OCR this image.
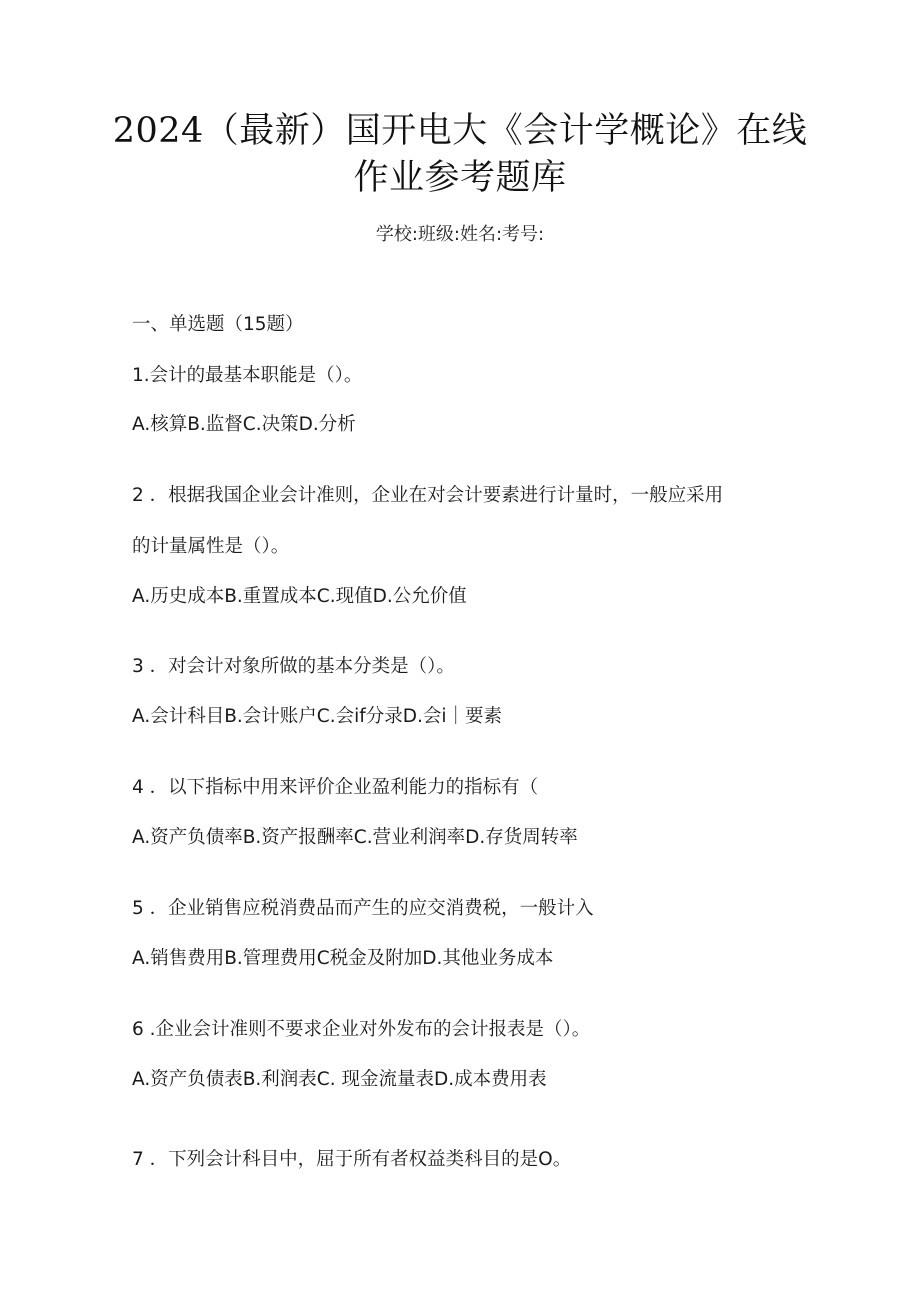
2024（最新）国开电大《会计学概论》在线
作业参考题库
学校:班级:姓名:考号:
一、单选题（15题）
1.会计的最基本职能是（）。
A.核算B.监督C.决策D.分析
2 ．根据我国企业会计准则，企业在对会计要素进行计量时，一般应采用
的计量属性是（）。
A.历史成本B.重置成本C.现值D.公允价值
3 ．对会计对象所做的基本分类是（）。
A.会计科目B.会计账户C.会if分录D.会i｜要素
4 ．以下指标中用来评价企业盈利能力的指标有（
A.资产负债率B.资产报酬率C.营业利润率D.存货周转率
5 ．企业销售应税消费品而产生的应交消费税，一般计入
A.销售费用B.管理费用C税金及附加D.其他业务成本
6 .企业会计准则不要求企业对外发布的会计报表是（）。
A.资产负债表B.利润表C. 现金流量表D.成本费用表
7 ．下列会计科目中，屈于所有者权益类科目的是O。
